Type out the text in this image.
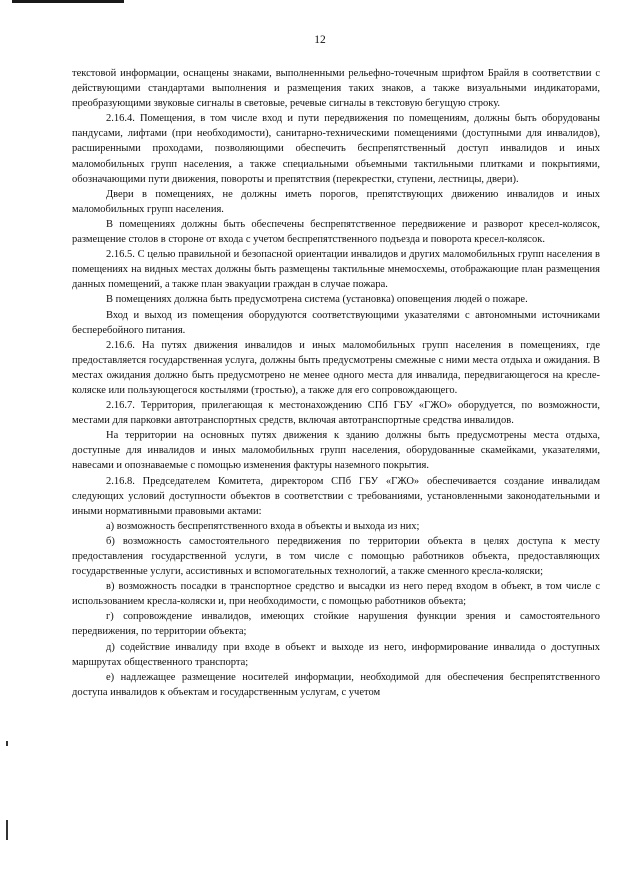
12

текстовой информации, оснащены знаками, выполненными рельефно-точечным шрифтом Брайля в соответствии с действующими стандартами выполнения и размещения таких знаков, а также визуальными индикаторами, преобразующими звуковые сигналы в световые, речевые сигналы в текстовую бегущую строку.

2.16.4. Помещения, в том числе вход и пути передвижения по помещениям, должны быть оборудованы пандусами, лифтами (при необходимости), санитарно-техническими помещениями (доступными для инвалидов), расширенными проходами, позволяющими обеспечить беспрепятственный доступ инвалидов и иных маломобильных групп населения, а также специальными объемными тактильными плитками и покрытиями, обозначающими пути движения, повороты и препятствия (перекрестки, ступени, лестницы, двери).

Двери в помещениях, не должны иметь порогов, препятствующих движению инвалидов и иных маломобильных групп населения.

В помещениях должны быть обеспечены беспрепятственное передвижение и разворот кресел-колясок, размещение столов в стороне от входа с учетом беспрепятственного подъезда и поворота кресел-колясок.

2.16.5. С целью правильной и безопасной ориентации инвалидов и других маломобильных групп населения в помещениях на видных местах должны быть размещены тактильные мнемосхемы, отображающие план размещения данных помещений, а также план эвакуации граждан в случае пожара.

В помещениях должна быть предусмотрена система (установка) оповещения людей о пожаре.

Вход и выход из помещения оборудуются соответствующими указателями с автономными источниками бесперебойного питания.

2.16.6. На путях движения инвалидов и иных маломобильных групп населения в помещениях, где предоставляется государственная услуга, должны быть предусмотрены смежные с ними места отдыха и ожидания. В местах ожидания должно быть предусмотрено не менее одного места для инвалида, передвигающегося на кресле-коляске или пользующегося костылями (тростью), а также для его сопровождающего.

2.16.7. Территория, прилегающая к местонахождению СПб ГБУ «ГЖО» оборудуется, по возможности, местами для парковки автотранспортных средств, включая автотранспортные средства инвалидов.

На территории на основных путях движения к зданию должны быть предусмотрены места отдыха, доступные для инвалидов и иных маломобильных групп населения, оборудованные скамейками, указателями, навесами и опознаваемые с помощью изменения фактуры наземного покрытия.

2.16.8. Председателем Комитета, директором СПб ГБУ «ГЖО» обеспечивается создание инвалидам следующих условий доступности объектов в соответствии с требованиями, установленными законодательными и иными нормативными правовыми актами:

а) возможность беспрепятственного входа в объекты и выхода из них;

б) возможность самостоятельного передвижения по территории объекта в целях доступа к месту предоставления государственной услуги, в том числе с помощью работников объекта, предоставляющих государственные услуги, ассистивных и вспомогательных технологий, а также сменного кресла-коляски;

в) возможность посадки в транспортное средство и высадки из него перед входом в объект, в том числе с использованием кресла-коляски и, при необходимости, с помощью работников объекта;

г) сопровождение инвалидов, имеющих стойкие нарушения функции зрения и самостоятельного передвижения, по территории объекта;

д) содействие инвалиду при входе в объект и выходе из него, информирование инвалида о доступных маршрутах общественного транспорта;

е) надлежащее размещение носителей информации, необходимой для обеспечения беспрепятственного доступа инвалидов к объектам и государственным услугам, с учетом
